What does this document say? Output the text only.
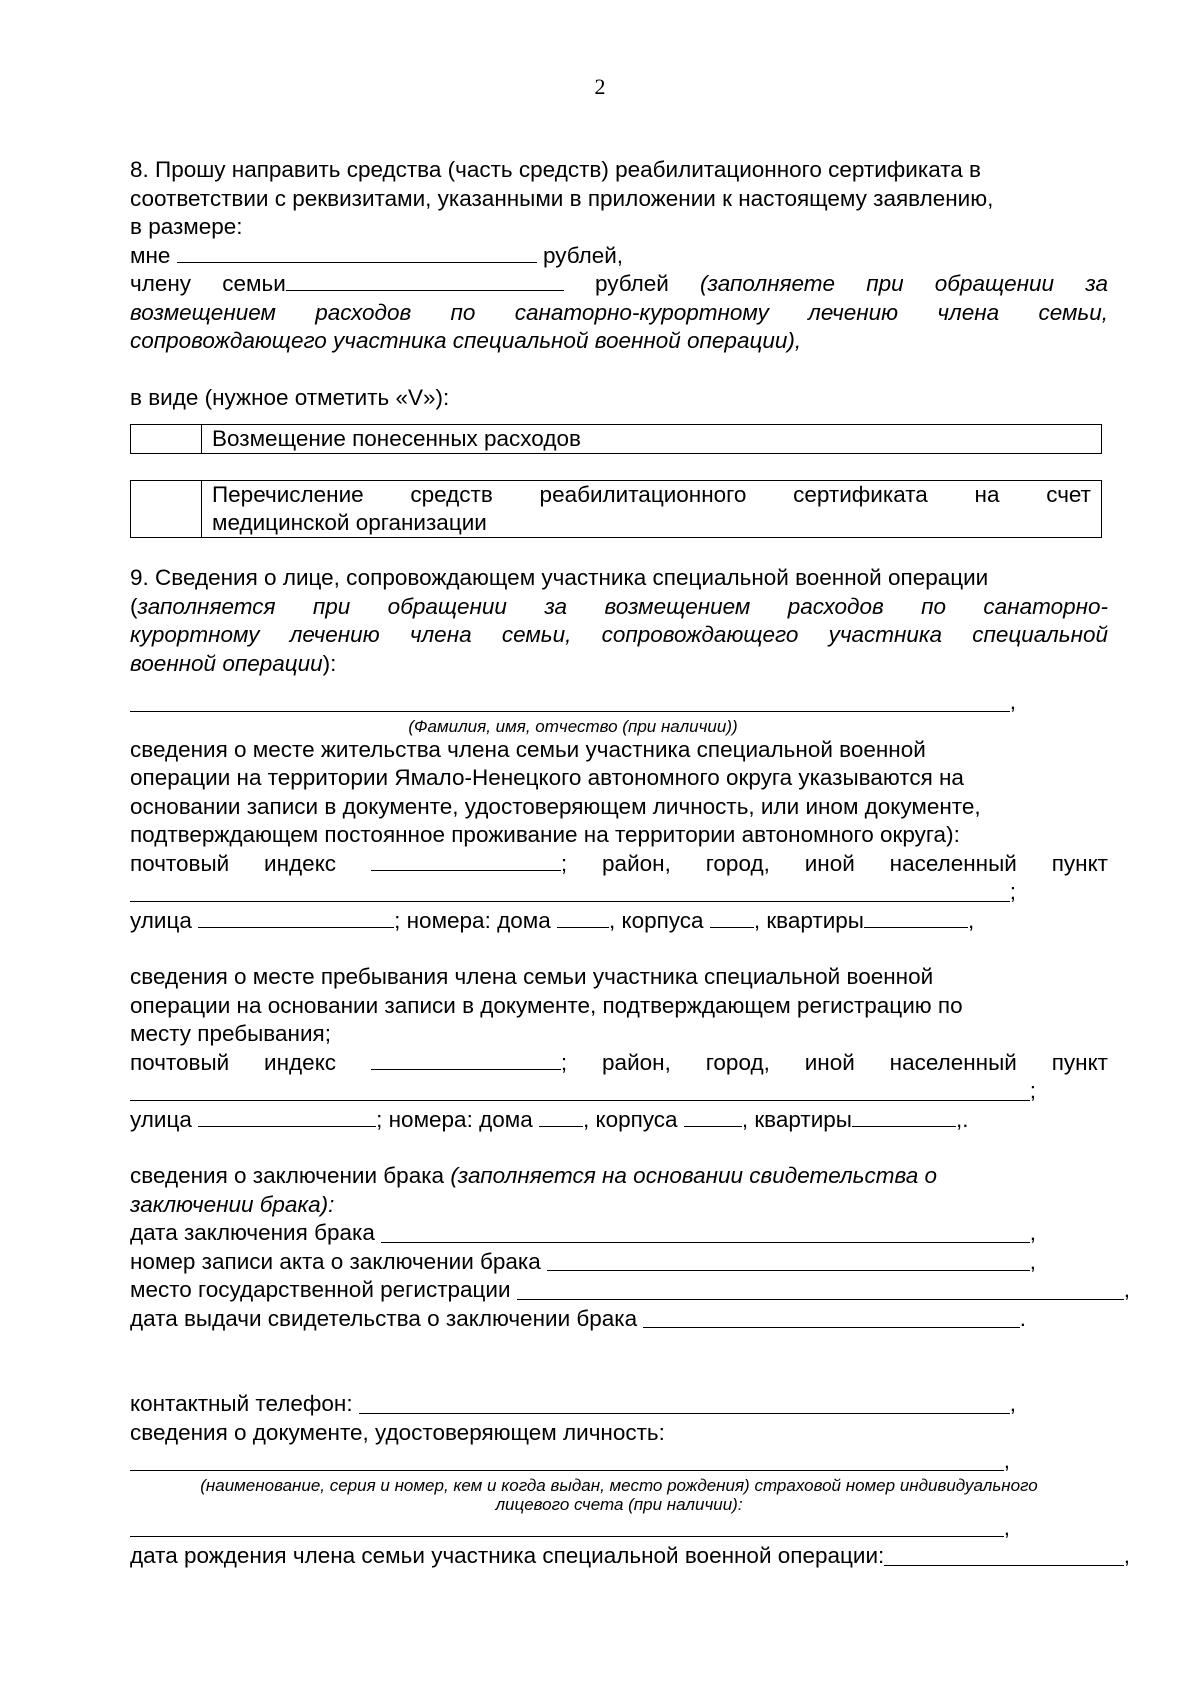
2

8. Прошу направить средства (часть средств) реабилитационного сертификата в

соответствии с реквизитами, указанными в приложении к настоящему заявлению,

в размере:

мне	рублей,

члену семьи	рублей (заполняете при обращении за

возмещением расходов по санаторно-курортному лечению члена семьи,

сопровождающего участника специальной военной операции),

в виде (нужное отметить «V»):

Возмещение понесенных расходов
Перечисление средств реабилитационного сертификата на счет
медицинской организации

9. Сведения о лице, сопровождающем участника специальной военной операции

(заполняется при обращении за возмещением расходов по санаторно-

курортному лечению члена семьи, сопровождающего участника специальной

военной операции):

,

(Фамилия, имя, отчество (при наличии))

сведения о месте жительства члена семьи участника специальной военной

операции на территории Ямало-Ненецкого автономного округа указываются на

основании записи в документе, удостоверяющем личность, или ином документе,

подтверждающем постоянное проживание на территории автономного округа):

почтовый индекс	; район, город, иной населенный пункт

;

улица	; номера: дома	, корпуса , квартиры	,

сведения о месте пребывания члена семьи участника специальной военной

операции на основании записи в документе, подтверждающем регистрацию по

месту пребывания;

почтовый индекс	; район, город, иной населенный пункт

;

улица	; номера: дома , корпуса	, квартиры	,.

сведения о заключении брака (заполняется на основании свидетельства о

заключении брака):

дата заключения брака
	,
номер записи акта о заключении брака
	,
место государственной регистрации
	,
дата выдачи свидетельства о заключении брака
	.
контактный телефон:
	,

сведения о документе, удостоверяющем личность:

,

(наименование, серия и номер, кем и когда выдан, место рождения) страховой номер индивидуального

лицевого счета (при наличии):

,
дата рождения члена семьи участника специальной военной операции:	,
